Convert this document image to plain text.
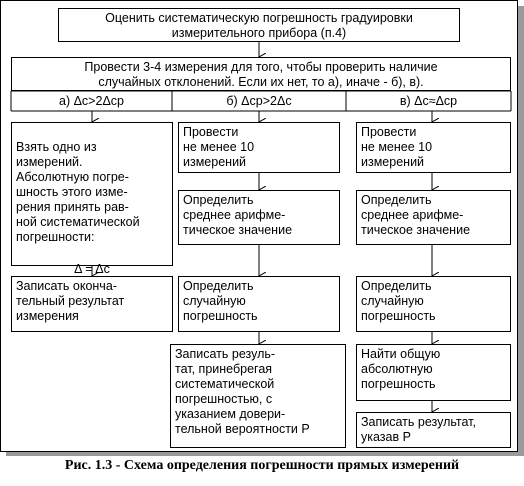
Оценить систематическую погрешность градуировки
измерительного прибора (п.4)
Провести 3-4 измерения для того, чтобы проверить наличие
случайных отклонений. Если их нет, то а), иначе - б), в).
а) Δc>2Δcp	б) Δcp>2Δc	в) Δc≈Δcp

Взять одно из
измерений.
Абсолютную погре-
шность этого изме-
рения принять рав-
ной систематической
погрешности:

Δ = Δc

Записать оконча-
тельный результат
измерения
Провести
не менее 10
измерений
Определить
среднее арифме-
тическое значение
Определить
случайную
погрешность
Записать резуль-
тат, принебрегая
систематической
погрешностью, с
указанием довери-
тельной вероятности Р
Провести
не менее 10
измерений
Определить
среднее арифме-
тическое значение
Определить
случайную
погрешность
Найти общую
абсолютную
погрешность
Записать результат,
указав Р
Рис. 1.3 - Схема определения погрешности прямых измерений
